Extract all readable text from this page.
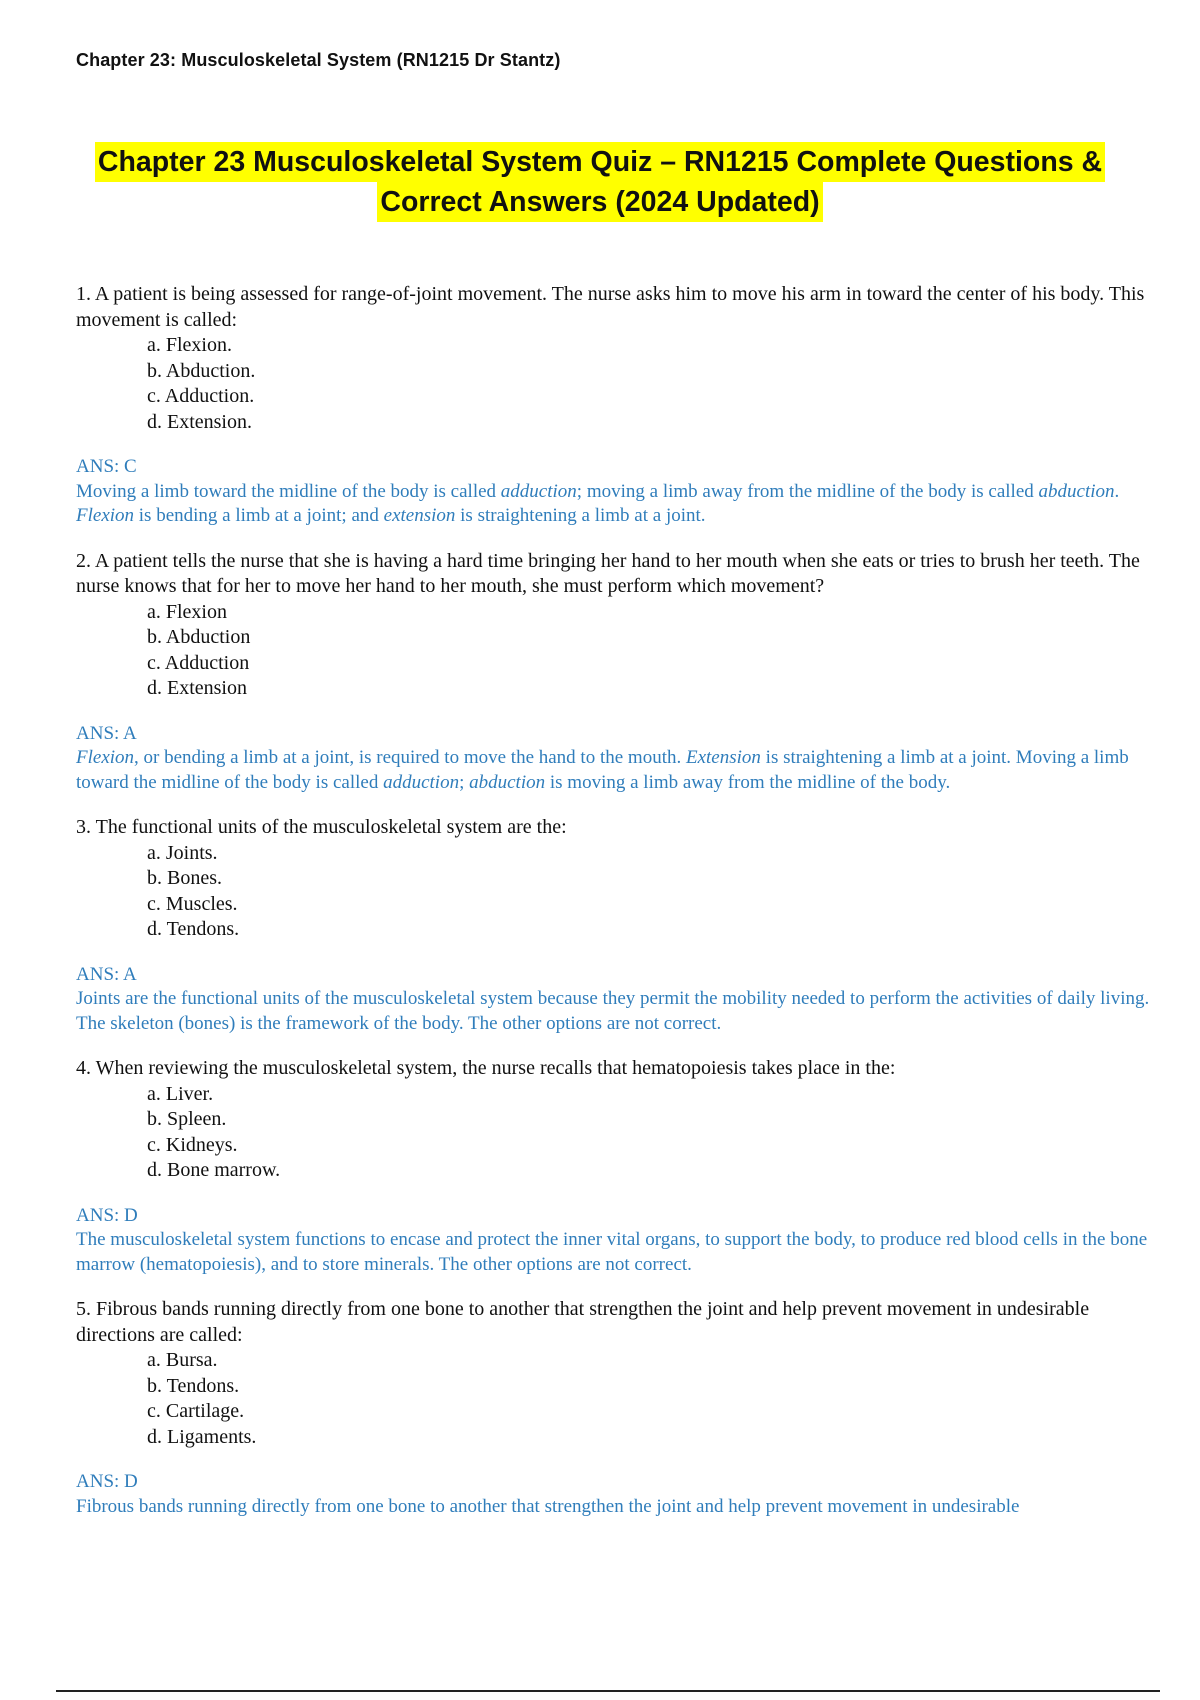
Chapter 23: Musculoskeletal System (RN1215 Dr Stantz)
Chapter 23 Musculoskeletal System Quiz – RN1215 Complete Questions &
Correct Answers (2024 Updated)

1. A patient is being assessed for range-of-joint movement. The nurse asks him to move his arm in toward the center of his body. This movement is called:

a. Flexion.
b. Abduction.
c. Adduction.
d. Extension.

ANS: C

Moving a limb toward the midline of the body is called adduction; moving a limb away from the midline of the body is called abduction. Flexion is bending a limb at a joint; and extension is straightening a limb at a joint.

2. A patient tells the nurse that she is having a hard time bringing her hand to her mouth when she eats or tries to brush her teeth. The nurse knows that for her to move her hand to her mouth, she must perform which movement?

a. Flexion
b. Abduction
c. Adduction
d. Extension

ANS: A

Flexion, or bending a limb at a joint, is required to move the hand to the mouth. Extension is straightening a limb at a joint. Moving a limb toward the midline of the body is called adduction; abduction is moving a limb away from the midline of the body.

3. The functional units of the musculoskeletal system are the:

a. Joints.
b. Bones.
c. Muscles.
d. Tendons.

ANS: A

Joints are the functional units of the musculoskeletal system because they permit the mobility needed to perform the activities of daily living. The skeleton (bones) is the framework of the body. The other options are not correct.

4. When reviewing the musculoskeletal system, the nurse recalls that hematopoiesis takes place in the:

a. Liver.
b. Spleen.
c. Kidneys.
d. Bone marrow.

ANS: D

The musculoskeletal system functions to encase and protect the inner vital organs, to support the body, to produce red blood cells in the bone marrow (hematopoiesis), and to store minerals. The other options are not correct.

5. Fibrous bands running directly from one bone to another that strengthen the joint and help prevent movement in undesirable directions are called:

a. Bursa.
b. Tendons.
c. Cartilage.
d. Ligaments.

ANS: D

Fibrous bands running directly from one bone to another that strengthen the joint and help prevent movement in undesirable
